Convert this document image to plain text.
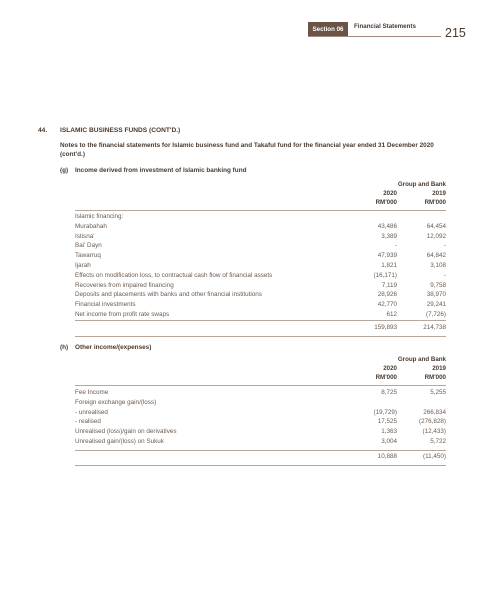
Section 06	Financial Statements 215
44. ISLAMIC BUSINESS FUNDS (CONT'D.)
Notes to the financial statements for Islamic business fund and Takaful fund for the financial year ended 31 December 2020 (cont'd.)
(g) Income derived from investment of Islamic banking fund
Group and Bank
2020	2019
RM'000	RM'000
Islamic financing:
Murabahah	43,486	64,454
Istisna'	3,389	12,092
Bai' Dayn	-	-
Tawarruq	47,939	64,842
Ijarah	1,821	3,108
Effects on modification loss, to contractual cash flow of financial assets	(16,171)	-
Recoveries from impaired financing	7,119	9,758
Deposits and placements with banks and other financial institutions	28,926	38,970
Financial investments	42,770	29,241
Net income from profit rate swaps	612	(7,726)
159,893	214,738
(h) Other income/(expenses)
Group and Bank
2020	2019
RM'000	RM'000
Fee Income	8,725	5,255
Foreign exchange gain/(loss)
- unrealised	(19,729)	266,834
- realised	17,525	(276,828)
Unrealised (loss)/gain on derivatives	1,363	(12,433)
Unrealised gain/(loss) on Sukuk	3,004	5,722
10,888	(11,450)
